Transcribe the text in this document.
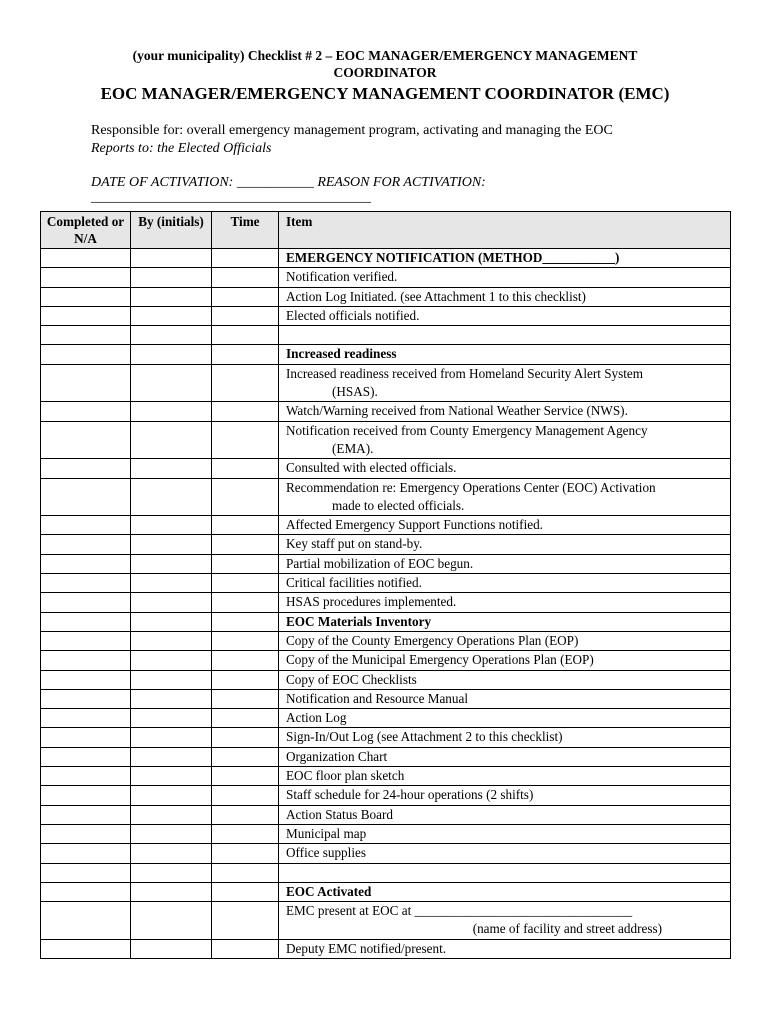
(your municipality) Checklist # 2 – EOC MANAGER/EMERGENCY MANAGEMENT
COORDINATOR
EOC MANAGER/EMERGENCY MANAGEMENT COORDINATOR (EMC)
Responsible for: overall emergency management program, activating and managing the EOC
Reports to: the Elected Officials
DATE OF ACTIVATION: ___________ REASON FOR ACTIVATION:
________________________________________
Completed or N/A	By (initials)	Time	Item
			EMERGENCY NOTIFICATION (METHOD___________)
			Notification verified.
			Action Log Initiated. (see Attachment 1 to this checklist)
			Elected officials notified.

			Increased readiness
			Increased readiness received from Homeland Security Alert System
(HSAS).

			Watch/Warning received from National Weather Service (NWS).
			Notification received from County Emergency Management Agency
(EMA).

			Consulted with elected officials.
			Recommendation re: Emergency Operations Center (EOC) Activation
made to elected officials.

			Affected Emergency Support Functions notified.
			Key staff put on stand-by.
			Partial mobilization of EOC begun.
			Critical facilities notified.
			HSAS procedures implemented.
			EOC Materials Inventory
			Copy of the County Emergency Operations Plan (EOP)
			Copy of the Municipal Emergency Operations Plan (EOP)
			Copy of EOC Checklists
			Notification and Resource Manual
			Action Log
			Sign-In/Out Log (see Attachment 2 to this checklist)
			Organization Chart
			EOC floor plan sketch
			Staff schedule for 24-hour operations (2 shifts)
			Action Status Board
			Municipal map
			Office supplies

			EOC Activated
			EMC present at EOC at _________________________________
(name of facility and street address)

			Deputy EMC notified/present.
